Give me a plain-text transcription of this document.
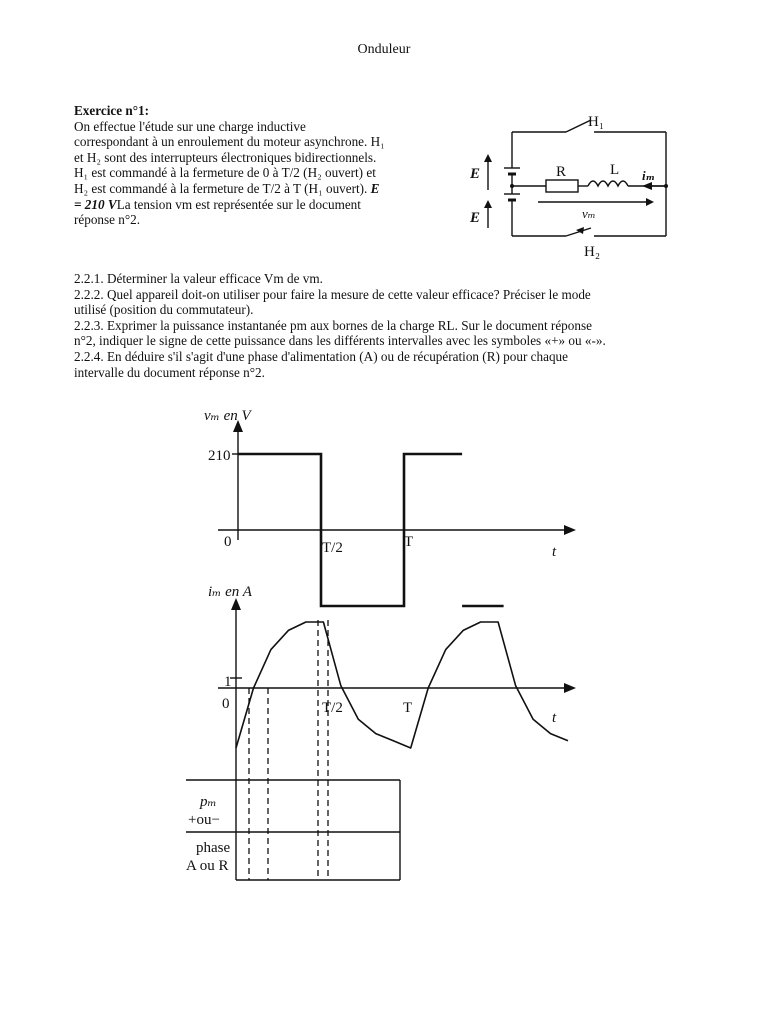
Onduleur
Exercice n°1:
On effectue l'étude sur une charge inductive
correspondant à un enroulement du moteur asynchrone. H₁
et H₂ sont des interrupteurs électroniques bidirectionnels.
H₁ est commandé à la fermeture de 0 à T/2 (H₂ ouvert) et
H₂ est commandé à la fermeture de T/2 à T (H₁ ouvert). E
= 210 VLa tension vm est représentée sur le document
réponse n°2.
H₁
H₂
E
E
R	L iₘ
vₘ
2.2.1. Déterminer la valeur efficace Vm de vm.
2.2.2. Quel appareil doit-on utiliser pour faire la mesure de cette valeur efficace? Préciser le mode
utilisé (position du commutateur).
2.2.3. Exprimer la puissance instantanée pm aux bornes de la charge RL. Sur le document réponse
n°2, indiquer le signe de cette puissance dans les différents intervalles avec les symboles «+» ou «-».
2.2.4. En déduire s'il s'agit d'une phase d'alimentation (A) ou de récupération (R) pour chaque
intervalle du document réponse n°2.
vₘ en V
210
0	T/2	T
t
iₘ en A
1
0	T/2	T
t
pₘ
+ou−
phase
A ou R
